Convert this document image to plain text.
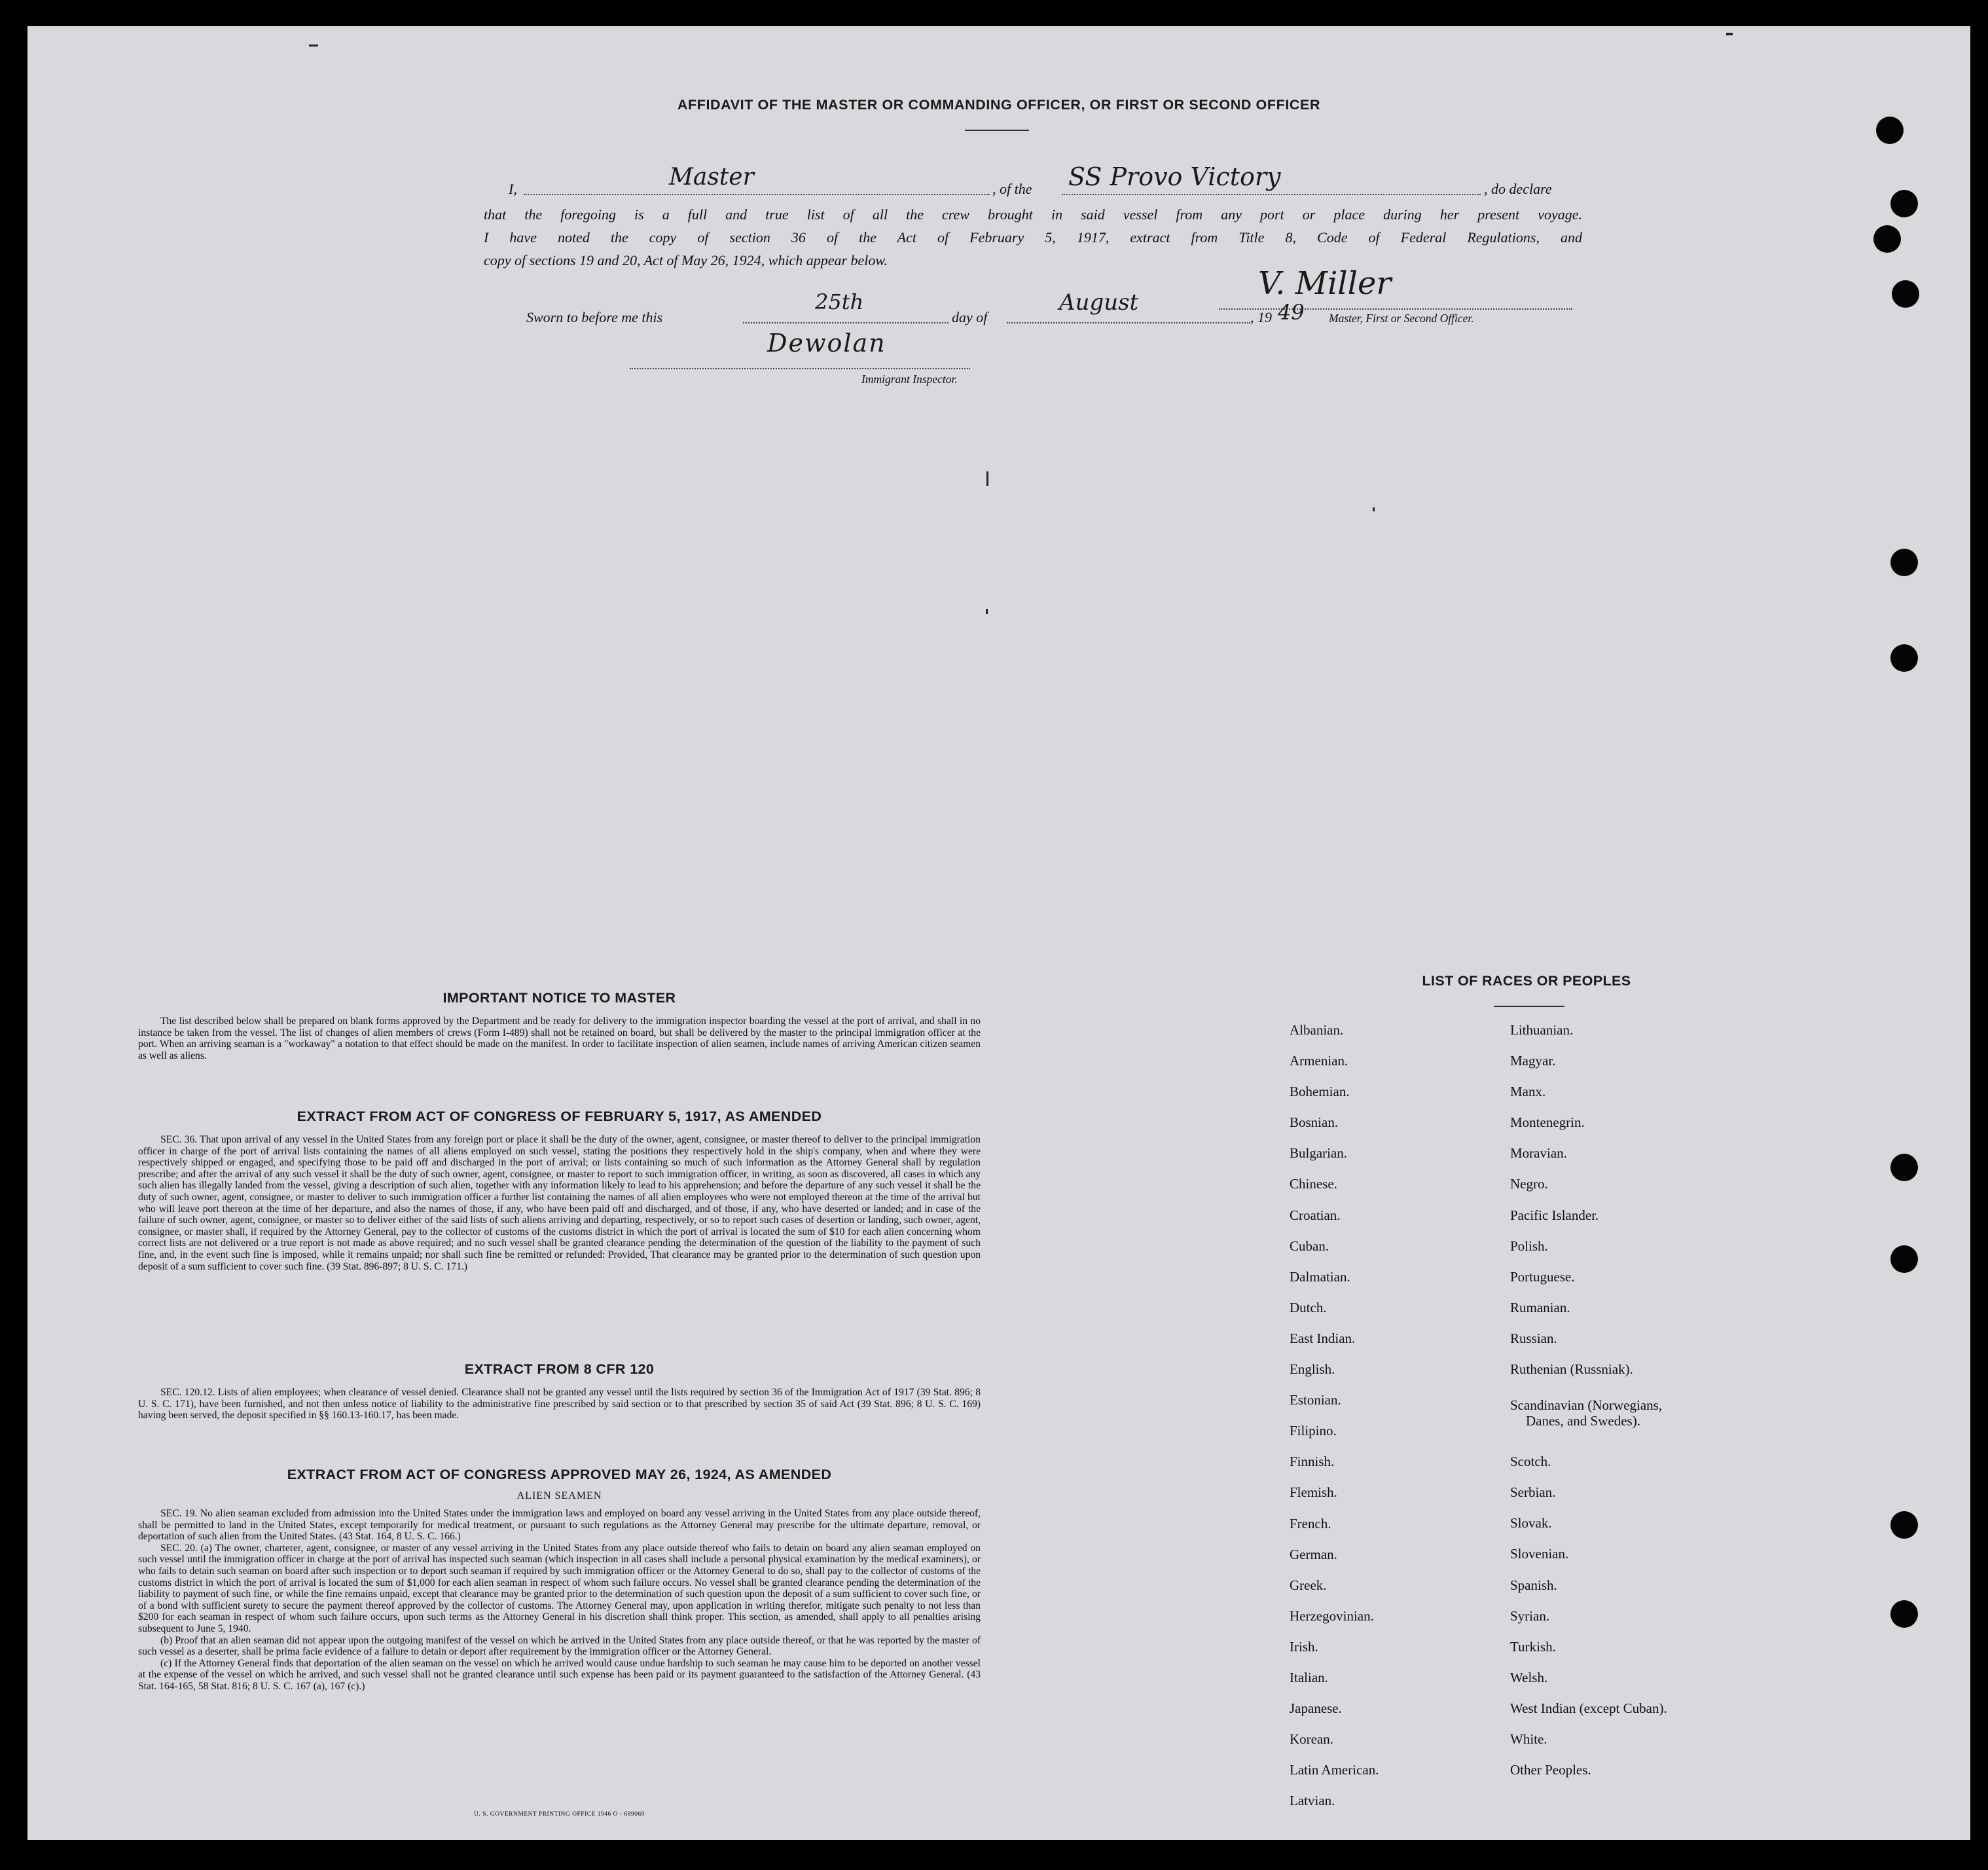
AFFIDAVIT OF THE MASTER OR COMMANDING OFFICER, OR FIRST OR SECOND OFFICER
I,	Master	, of the SS Provo Victory	, do declare
that the foregoing is a full and true list of all the crew brought in said vessel from any port or place during her present voyage.
I have noted the copy of section 36 of the Act of February 5, 1917, extract from Title 8, Code of Federal Regulations, and
copy of sections 19 and 20, Act of May 26, 1924, which appear below.
V. Miller
Master, First or Second Officer.
Sworn to before me this
25th
day of
August
, 19 49
Dewolan
Immigrant Inspector.
IMPORTANT NOTICE TO MASTER

The list described below shall be prepared on blank forms approved by the Department and be ready for delivery to the immigration inspector boarding the vessel at the port of arrival, and shall in no instance be taken from the vessel. The list of changes of alien members of crews (Form I-489) shall not be retained on board, but shall be delivered by the master to the principal immigration officer at the port. When an arriving seaman is a "workaway" a notation to that effect should be made on the manifest. In order to facilitate inspection of alien seamen, include names of arriving American citizen seamen as well as aliens.

EXTRACT FROM ACT OF CONGRESS OF FEBRUARY 5, 1917, AS AMENDED

SEC. 36. That upon arrival of any vessel in the United States from any foreign port or place it shall be the duty of the owner, agent, consignee, or master thereof to deliver to the principal immigration officer in charge of the port of arrival lists containing the names of all aliens employed on such vessel, stating the positions they respectively hold in the ship's company, when and where they were respectively shipped or engaged, and specifying those to be paid off and discharged in the port of arrival; or lists containing so much of such information as the Attorney General shall by regulation prescribe; and after the arrival of any such vessel it shall be the duty of such owner, agent, consignee, or master to report to such immigration officer, in writing, as soon as discovered, all cases in which any such alien has illegally landed from the vessel, giving a description of such alien, together with any information likely to lead to his apprehension; and before the departure of any such vessel it shall be the duty of such owner, agent, consignee, or master to deliver to such immigration officer a further list containing the names of all alien employees who were not employed thereon at the time of the arrival but who will leave port thereon at the time of her departure, and also the names of those, if any, who have been paid off and discharged, and of those, if any, who have deserted or landed; and in case of the failure of such owner, agent, consignee, or master so to deliver either of the said lists of such aliens arriving and departing, respectively, or so to report such cases of desertion or landing, such owner, agent, consignee, or master shall, if required by the Attorney General, pay to the collector of customs of the customs district in which the port of arrival is located the sum of $10 for each alien concerning whom correct lists are not delivered or a true report is not made as above required; and no such vessel shall be granted clearance pending the determination of the question of the liability to the payment of such fine, and, in the event such fine is imposed, while it remains unpaid; nor shall such fine be remitted or refunded: Provided, That clearance may be granted prior to the determination of such question upon deposit of a sum sufficient to cover such fine. (39 Stat. 896-897; 8 U. S. C. 171.)

EXTRACT FROM 8 CFR 120

SEC. 120.12. Lists of alien employees; when clearance of vessel denied. Clearance shall not be granted any vessel until the lists required by section 36 of the Immigration Act of 1917 (39 Stat. 896; 8 U. S. C. 171), have been furnished, and not then unless notice of liability to the administrative fine prescribed by said section or to that prescribed by section 35 of said Act (39 Stat. 896; 8 U. S. C. 169) having been served, the deposit specified in §§ 160.13-160.17, has been made.

EXTRACT FROM ACT OF CONGRESS APPROVED MAY 26, 1924, AS AMENDED
ALIEN SEAMEN

SEC. 19. No alien seaman excluded from admission into the United States under the immigration laws and employed on board any vessel arriving in the United States from any place outside thereof, shall be permitted to land in the United States, except temporarily for medical treatment, or pursuant to such regulations as the Attorney General may prescribe for the ultimate departure, removal, or deportation of such alien from the United States. (43 Stat. 164, 8 U. S. C. 166.)

SEC. 20. (a) The owner, charterer, agent, consignee, or master of any vessel arriving in the United States from any place outside thereof who fails to detain on board any alien seaman employed on such vessel until the immigration officer in charge at the port of arrival has inspected such seaman (which inspection in all cases shall include a personal physical examination by the medical examiners), or who fails to detain such seaman on board after such inspection or to deport such seaman if required by such immigration officer or the Attorney General to do so, shall pay to the collector of customs of the customs district in which the port of arrival is located the sum of $1,000 for each alien seaman in respect of whom such failure occurs. No vessel shall be granted clearance pending the determination of the liability to payment of such fine, or while the fine remains unpaid, except that clearance may be granted prior to the determination of such question upon the deposit of a sum sufficient to cover such fine, or of a bond with sufficient surety to secure the payment thereof approved by the collector of customs. The Attorney General may, upon application in writing therefor, mitigate such penalty to not less than $200 for each seaman in respect of whom such failure occurs, upon such terms as the Attorney General in his discretion shall think proper. This section, as amended, shall apply to all penalties arising subsequent to June 5, 1940.

(b) Proof that an alien seaman did not appear upon the outgoing manifest of the vessel on which he arrived in the United States from any place outside thereof, or that he was reported by the master of such vessel as a deserter, shall be prima facie evidence of a failure to detain or deport after requirement by the immigration officer or the Attorney General.

(c) If the Attorney General finds that deportation of the alien seaman on the vessel on which he arrived would cause undue hardship to such seaman he may cause him to be deported on another vessel at the expense of the vessel on which he arrived, and such vessel shall not be granted clearance until such expense has been paid or its payment guaranteed to the satisfaction of the Attorney General. (43 Stat. 164-165, 58 Stat. 816; 8 U. S. C. 167 (a), 167 (c).)

U. S. GOVERNMENT PRINTING OFFICE 1946 O - 689069
LIST OF RACES OR PEOPLES
Albanian.
Armenian.
Bohemian.
Bosnian.
Bulgarian.
Chinese.
Croatian.
Cuban.
Dalmatian.
Dutch.
East Indian.
English.
Estonian.
Filipino.
Finnish.
Flemish.
French.
German.
Greek.
Herzegovinian.
Irish.
Italian.
Japanese.
Korean.
Latin American.
Latvian.
Lithuanian.
Magyar.
Manx.
Montenegrin.
Moravian.
Negro.
Pacific Islander.
Polish.
Portuguese.
Rumanian.
Russian.
Ruthenian (Russniak).
Scandinavian (Norwegians,
Danes, and Swedes).
Scotch.
Serbian.
Slovak.
Slovenian.
Spanish.
Syrian.
Turkish.
Welsh.
West Indian (except Cuban).
White.
Other Peoples.
